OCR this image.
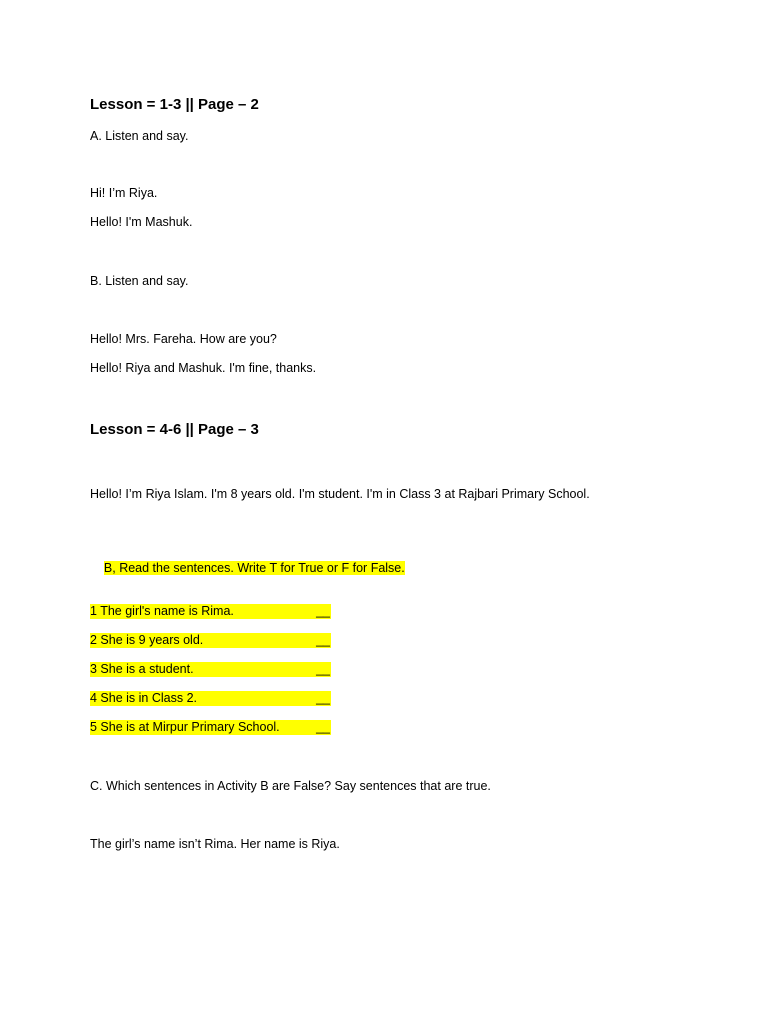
Lesson = 1-3 || Page – 2
A. Listen and say.
Hi! I’m Riya.
Hello! I'm Mashuk.
B. Listen and say.
Hello! Mrs. Fareha. How are you?
Hello! Riya and Mashuk. I'm fine, thanks.
Lesson = 4-6 || Page – 3
Hello! I’m Riya Islam. I'm 8 years old. I'm student. I'm in Class 3 at Rajbari Primary School.

B, Read the sentences. Write T for True or F for False.

1 The girl's name is Rima.	__
2 She is 9 years old.	__
3 She is a student.	__
4 She is in Class 2.	__
5 She is at Mirpur Primary School.	__
C. Which sentences in Activity B are False? Say sentences that are true.
The girl’s name isn’t Rima. Her name is Riya.
